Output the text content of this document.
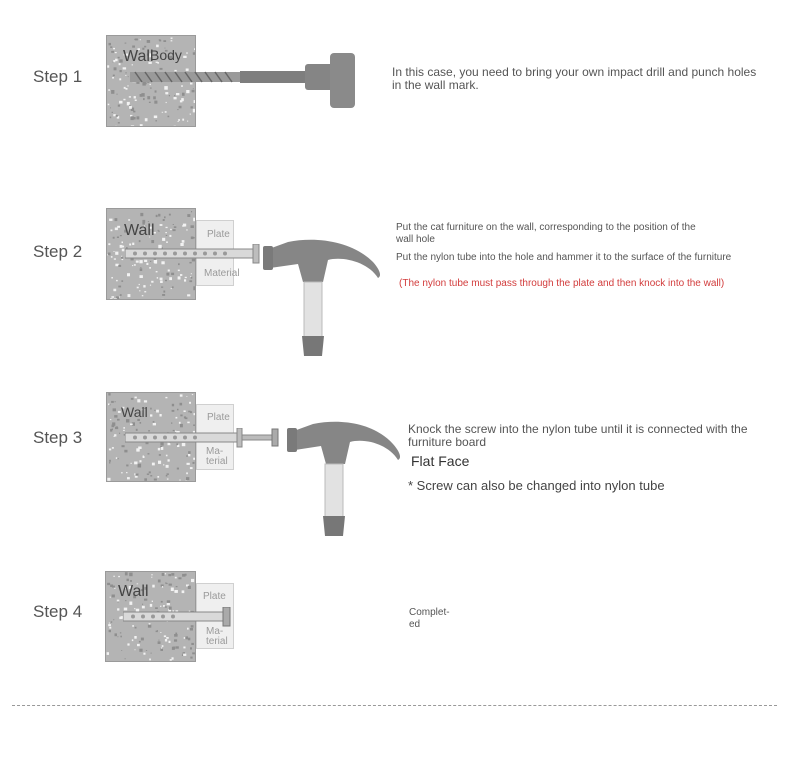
Step 1
Wall
Body
In this case, you need to bring your own impact drill and punch holes
in the wall mark.
Step 2
Wall	Plate
Material
Put the cat furniture on the wall, corresponding to the position of the
wall hole
Put the nylon tube into the hole and hammer it to the surface of the furniture
(The nylon tube must pass through the plate and then knock into the wall)
Step 3
Wall	Plate
Ma-
terial
Knock the screw into the nylon tube until it is connected with the
furniture board
Flat Face
* Screw can also be changed into nylon tube
Step 4
Wall	Plate
Ma-
terial
Complet-
ed
